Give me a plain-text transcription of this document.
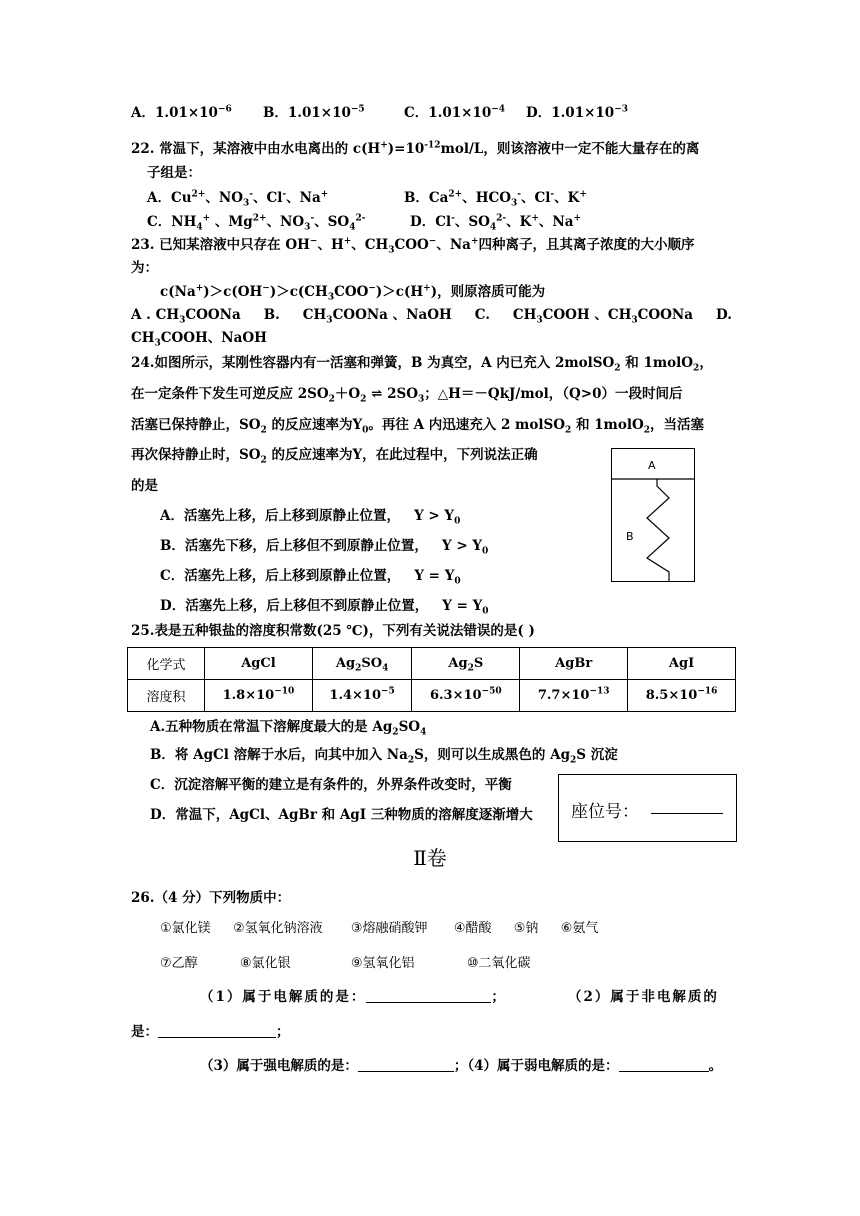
A．$1.01\times 10^{-6}$ B．$1.01\times 10^{-5}$	C．$1.01\times 10^{-4}$ D．$1.01\times 10^{-3}$
22. 常温下，某溶液中由水电离出的 $c(H^+)=10^{-12}mol/L$，则该溶液中一定不能大量存在的离
子组是：
A．$Cu^{2+}$、$NO_3^-$、Cl-、Na+	B．$Ca^{2+}$、$HCO_3^-$、Cl-、K+
C．$NH_4^+$ 、$Mg^{2+}$、$NO_3^-$、$SO_4^{2-}$	D．Cl-、$SO_4^{2-}$、K+、Na+
23. 已知某溶液中只存在 OH−、H+、$CH_3COO^-$、Na+四种离子，且其离子浓度的大小顺序
为：
$c(Na^+)>c(OH^-)>c(CH_3COO^-)>c(H^+)$，则原溶质可能为
A . $CH_3COONa$ B. $CH_3COONa$ 、NaOH C. $CH_3COOH$ 、$CH_3COONa$ D.
$CH_3COOH$、NaOH
24.如图所示，某刚性容器内有一活塞和弹簧，B 为真空，A 内已充入 2molSO$_2$ 和 1molO$_2$，
在一定条件下发生可逆反应 $2SO_2+O_2$ ⇌ $2SO_3$；△H＝－QkJ/mol，（Q>0）一段时间后
活塞已保持静止，$SO_2$ 的反应速率为$Y_0$。再往 A 内迅速充入 2 molSO$_2$ 和 1molO$_2$，当活塞
再次保持静止时，$SO_2$ 的反应速率为Y，在此过程中，下列说法正确
的是
A．活塞先上移，后上移到原静止位置，   $Y > Y_0$
B．活塞先下移，后上移但不到原静止位置，   $Y > Y_0$
C．活塞先上移，后上移到原静止位置，   $Y = Y_0$
D．活塞先上移，后上移但不到原静止位置，   $Y = Y_0$
A
B
25.表是五种银盐的溶度积常数(25 ℃)，下列有关说法错误的是( )
化学式	AgCl	$Ag_2SO_4$	$Ag_2S$	AgBr	AgI
溶度积	$1.8\times 10^{-10}$	$1.4\times 10^{-5}$	$6.3\times 10^{-50}$	$7.7\times 10^{-13}$	$8.5\times 10^{-16}$
A.五种物质在常温下溶解度最大的是 $Ag_2SO_4$
B．将 AgCl 溶解于水后，向其中加入 $Na_2S$，则可以生成黑色的 $Ag_2S$ 沉淀
C．沉淀溶解平衡的建立是有条件的，外界条件改变时，平衡
D．常温下，AgCl、AgBr 和 AgI 三种物质的溶解度逐渐增大 座位号：
Ⅱ卷
26.（4 分）下列物质中：
①氯化镁 ②氢氧化钠溶液 ③熔融硝酸钾 ④醋酸 ⑤钠 ⑥氨气
⑦乙醇	⑧氯化银	⑨氢氧化铝	⑩二氧化碳
（1）属于电解质的是：	；	（2）属于非电解质的
是：	；
（3）属于强电解质的是：	；（4）属于弱电解质的是：	。
